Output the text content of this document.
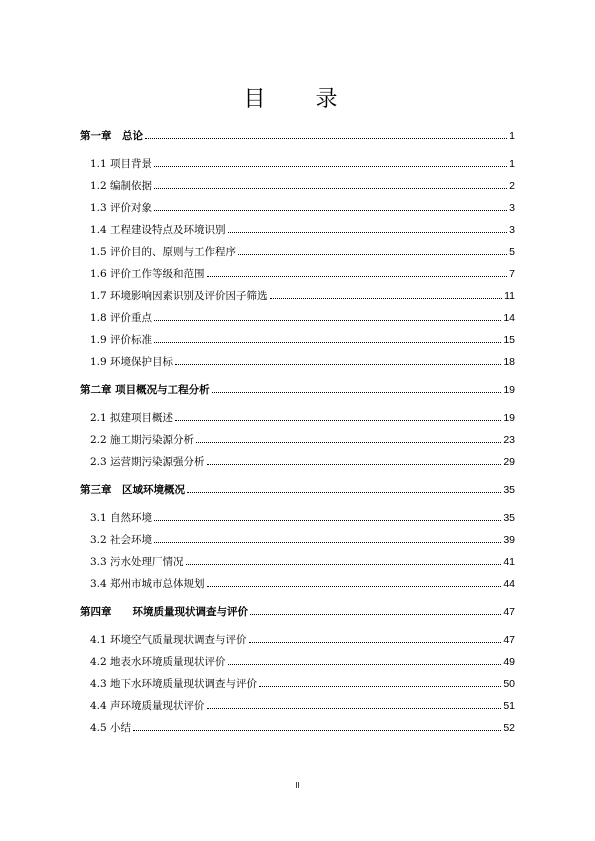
目　录
第一章　总论	1
1.1 项目背景	1
1.2 编制依据	2
1.3 评价对象	3
1.4 工程建设特点及环境识别	3
1.5 评价目的、原则与工作程序	5
1.6 评价工作等级和范围	7
1.7 环境影响因素识别及评价因子筛选	11
1.8 评价重点	14
1.9 评价标准	15
1.9 环境保护目标	18
第二章 项目概况与工程分析	19
2.1 拟建项目概述	19
2.2 施工期污染源分析	23
2.3 运营期污染源强分析	29
第三章　区域环境概况	35
3.1 自然环境	35
3.2 社会环境	39
3.3 污水处理厂情况	41
3.4 郑州市城市总体规划	44
第四章　　环境质量现状调查与评价	47
4.1 环境空气质量现状调查与评价	47
4.2 地表水环境质量现状评价	49
4.3 地下水环境质量现状调查与评价	50
4.4 声环境质量现状评价	51
4.5 小结	52
II
